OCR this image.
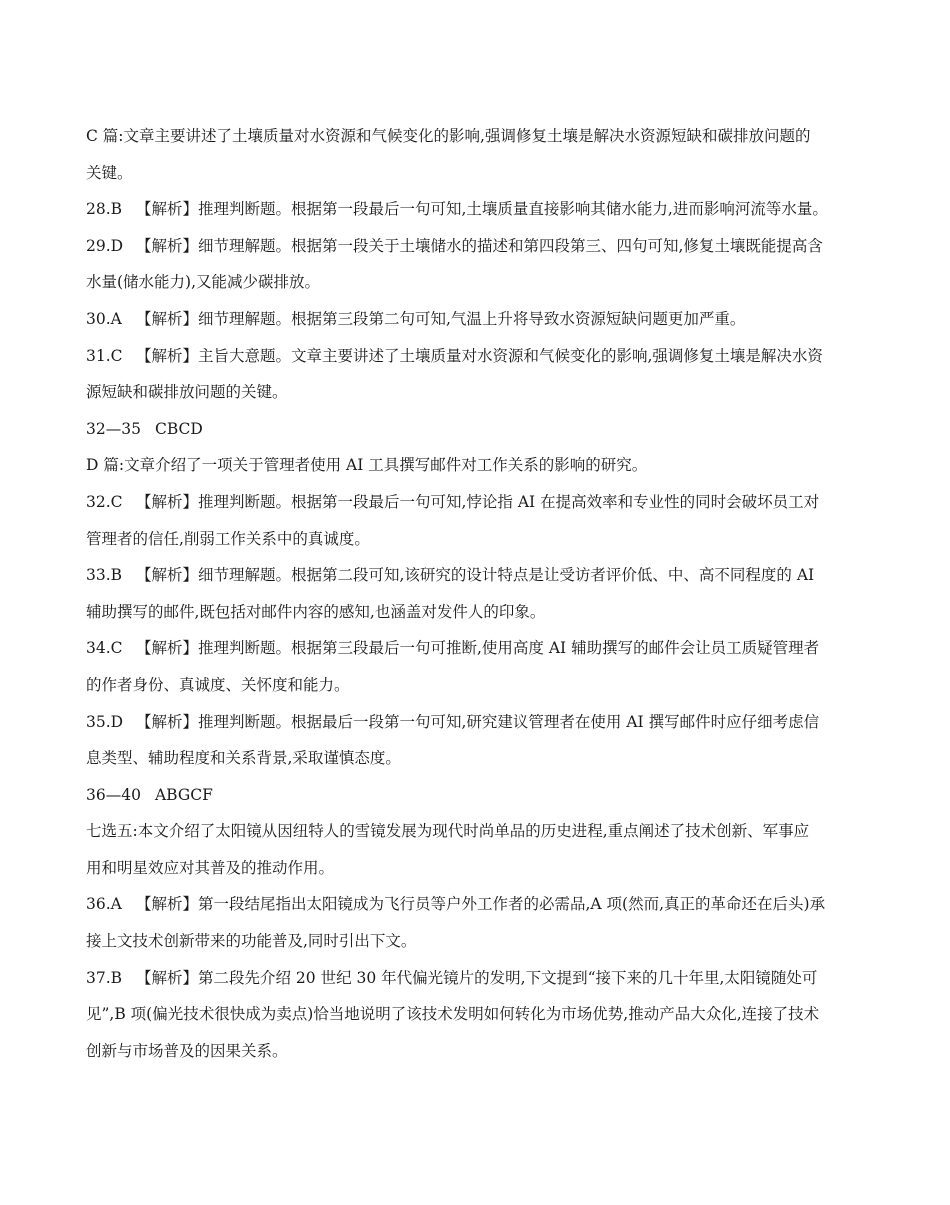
C 篇:文章主要讲述了土壤质量对水资源和气候变化的影响,强调修复土壤是解决水资源短缺和碳排放问题的
关键。
28.B 【解析】推理判断题。根据第一段最后一句可知,土壤质量直接影响其储水能力,进而影响河流等水量。
29.D 【解析】细节理解题。根据第一段关于土壤储水的描述和第四段第三、四句可知,修复土壤既能提高含
水量(储水能力),又能减少碳排放。
30.A 【解析】细节理解题。根据第三段第二句可知,气温上升将导致水资源短缺问题更加严重。
31.C 【解析】主旨大意题。文章主要讲述了土壤质量对水资源和气候变化的影响,强调修复土壤是解决水资
源短缺和碳排放问题的关键。
32—35 CBCD
D 篇:文章介绍了一项关于管理者使用 AI 工具撰写邮件对工作关系的影响的研究。
32.C 【解析】推理判断题。根据第一段最后一句可知,悖论指 AI 在提高效率和专业性的同时会破坏员工对
管理者的信任,削弱工作关系中的真诚度。
33.B 【解析】细节理解题。根据第二段可知,该研究的设计特点是让受访者评价低、中、高不同程度的 AI
辅助撰写的邮件,既包括对邮件内容的感知,也涵盖对发件人的印象。
34.C 【解析】推理判断题。根据第三段最后一句可推断,使用高度 AI 辅助撰写的邮件会让员工质疑管理者
的作者身份、真诚度、关怀度和能力。
35.D 【解析】推理判断题。根据最后一段第一句可知,研究建议管理者在使用 AI 撰写邮件时应仔细考虑信
息类型、辅助程度和关系背景,采取谨慎态度。
36—40 ABGCF
七选五:本文介绍了太阳镜从因纽特人的雪镜发展为现代时尚单品的历史进程,重点阐述了技术创新、军事应
用和明星效应对其普及的推动作用。
36.A 【解析】第一段结尾指出太阳镜成为飞行员等户外工作者的必需品,A 项(然而,真正的革命还在后头)承
接上文技术创新带来的功能普及,同时引出下文。
37.B 【解析】第二段先介绍 20 世纪 30 年代偏光镜片的发明,下文提到“接下来的几十年里,太阳镜随处可
见”,B 项(偏光技术很快成为卖点)恰当地说明了该技术发明如何转化为市场优势,推动产品大众化,连接了技术
创新与市场普及的因果关系。
